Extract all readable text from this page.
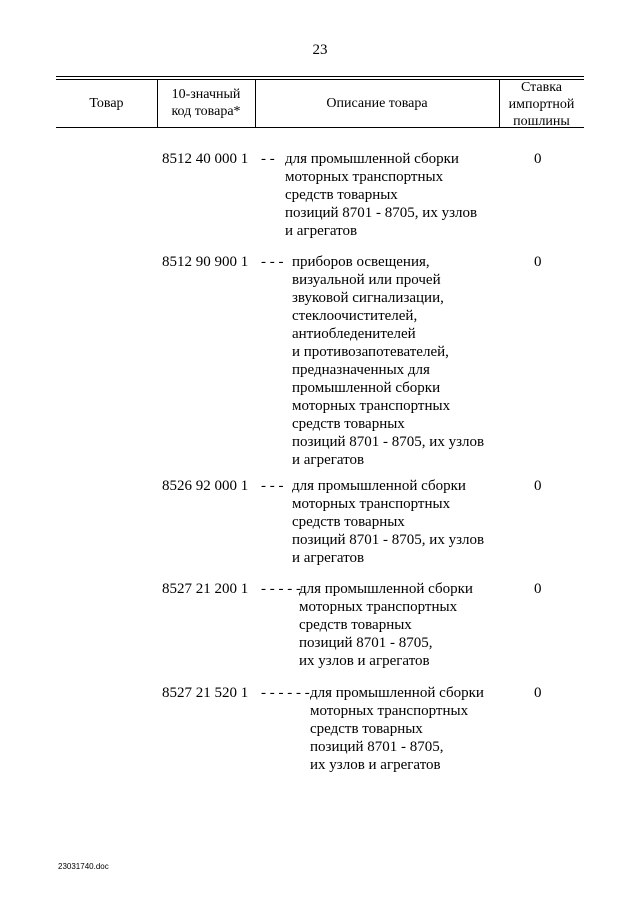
23
Товар
10-значный
код товара*
Описание товара
Ставка
импортной
пошлины
8512 40 000 1 - - для промышленной сборки
моторных транспортных
средств товарных
позиций 8701 - 8705, их узлов
и агрегатов
0
8512 90 900 1 - - - приборов освещения,
визуальной или прочей
звуковой сигнализации,
стеклоочистителей,
антиобледенителей
и противозапотевателей,
предназначенных для
промышленной сборки
моторных транспортных
средств товарных
позиций 8701 - 8705, их узлов
и агрегатов
0
8526 92 000 1 - - - для промышленной сборки
моторных транспортных
средств товарных
позиций 8701 - 8705, их узлов
и агрегатов
0
8527 21 200 1 - - - - -
для промышленной сборки
моторных транспортных
средств товарных
позиций 8701 - 8705,
их узлов и агрегатов
0
8527 21 520 1 - - - - - - для промышленной сборки
моторных транспортных
средств товарных
позиций 8701 - 8705,
их узлов и агрегатов
0
23031740.doc
